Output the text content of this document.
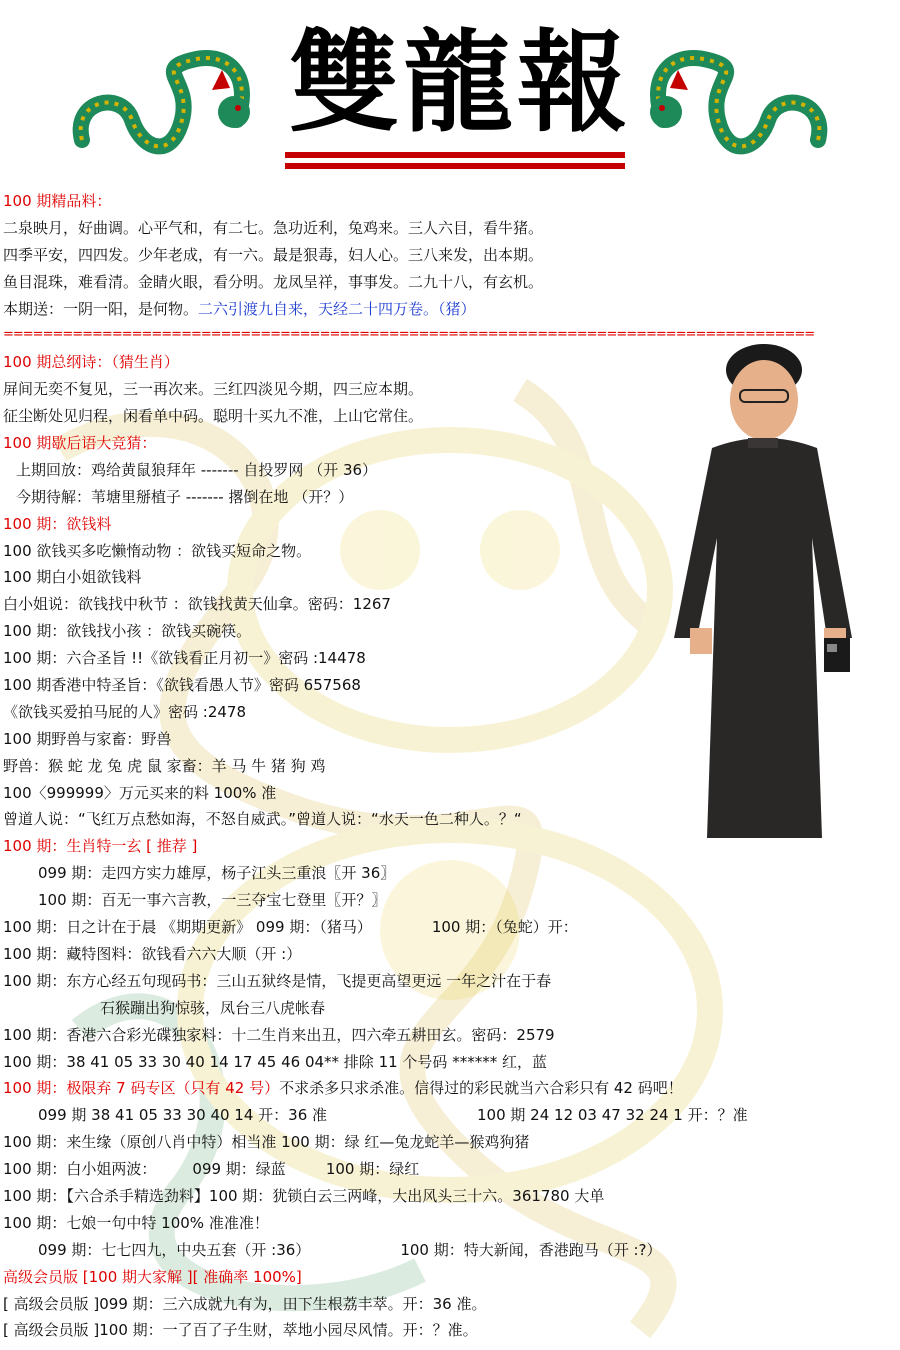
雙龍報
100 期精品料：
二泉映月，好曲调。心平气和，有二七。急功近利，兔鸡来。三人六目，看牛猪。
四季平安，四四发。少年老成，有一六。最是狠毒，妇人心。三八来发，出本期。
鱼目混珠，难看清。金睛火眼，看分明。龙凤呈祥，事事发。二九十八，有玄机。
本期送：一阴一阳，是何物。二六引渡九自来，天经二十四万卷。（猪）
==================================================================================
100 期总纲诗：（猜生肖）
屏间无奕不复见，三一再次来。三红四淡见今期，四三应本期。
征尘断处见归程，闲看单中码。聪明十买九不准，上山它常住。
100 期歇后语大竞猜：
上期回放：鸡给黄鼠狼拜年 ------- 自投罗网 （开 36）
今期待解：苇塘里掰植子 ------- 撂倒在地 （开？）
100 期：欲钱料
100 欲钱买多吃懒惰动物 ：欲钱买短命之物。
100 期白小姐欲钱料
白小姐说：欲钱找中秋节 ：欲钱找黄天仙拿。密码：1267
100 期：欲钱找小孩 ：欲钱买碗筷。
100 期：六合圣旨 !!《欲钱看正月初一》密码 :14478
100 期香港中特圣旨：《欲钱看愚人节》密码 657568
《欲钱买爱拍马屁的人》密码 :2478
100 期野兽与家畜：野兽
野兽：猴 蛇 龙 兔 虎 鼠 家畜：羊 马 牛 猪 狗 鸡
100〈999999〉万元买来的料 100% 准
曾道人说：“飞红万点愁如海，不怒自威武。”曾道人说：“水天一色二种人。？“
100 期：生肖特一玄 [ 推荐 ]
099 期：走四方实力雄厚，杨子江头三重浪〖开 36〗
100 期：百无一事六言教，一三夺宝七登里〖开？〗
100 期：日之计在于晨 《期期更新》 099 期：（猪马）	100 期：（兔蛇）开：
100 期：藏特图料：欲钱看六六大顺（开 :）
100 期：东方心经五句现码书：三山五狱终是情，飞提更高望更远 一年之汁在于春
石猴蹦出狗惊骇，凤台三八虎帐春
100 期：香港六合彩光碟独家料：十二生肖来出丑，四六牵五耕田玄。密码：2579
100 期：38 41 05 33 30 40 14 17 45 46 04** 排除 11 个号码 ****** 红，蓝
100 期：极限弃 7 码专区（只有 42 号）不求杀多只求杀准。信得过的彩民就当六合彩只有 42 码吧！
099 期 38 41 05 33 30 40 14 开：36 准	100 期 24 12 03 47 32 24 1 开：？准
100 期：来生缘（原创八肖中特）相当准 100 期：绿 红—兔龙蛇羊—猴鸡狗猪
100 期：白小姐两波： 099 期：绿蓝	100 期：绿红
100 期：【六合杀手精选劲料】100 期：犹锁白云三两峰，大出风头三十六。361780 大单
100 期：七娘一句中特 100% 准准准！
099 期：七七四九，中央五套（开 :36）	100 期：特大新闻，香港跑马（开 :?）
高级会员版 [100 期大家解 ][ 准确率 100%]
[ 高级会员版 ]099 期：三六成就九有为，田下生根荔丰萃。开：36 准。
[ 高级会员版 ]100 期：一了百了子生财，萃地小园尽风情。开：？准。
